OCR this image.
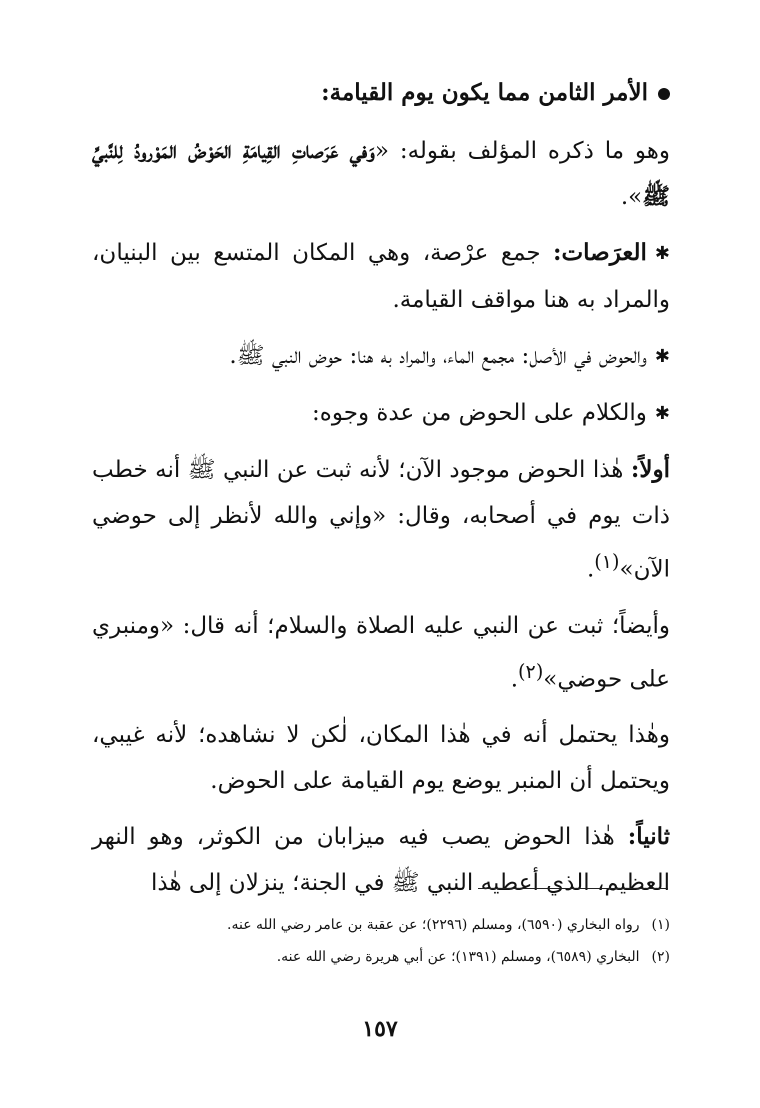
الأمر الثامن مما يكون يوم القيامة:

وهو ما ذكره المؤلف بقوله: «وَفي عَرَصاتِ القِيامَةِ الحَوْضُ المَوْرودُ لِلنَّبيِّ ﷺ».

✱العرَصات: جمع عرْصة، وهي المكان المتسع بين البنيان، والمراد به هنا مواقف القيامة.

✱والحوض في الأصل: مجمع الماء، والمراد به هنا: حوض النبي ﷺ.

✱والكلام على الحوض من عدة وجوه:

أولاً: هٰذا الحوض موجود الآن؛ لأنه ثبت عن النبي ﷺ أنه خطب ذات يوم في أصحابه، وقال: «وإني والله لأنظر إلى حوضي الآن»$^{(١)}$.

وأيضاً؛ ثبت عن النبي عليه الصلاة والسلام؛ أنه قال: «ومنبري على حوضي»$^{(٢)}$.

وهٰذا يحتمل أنه في هٰذا المكان، لٰكن لا نشاهده؛ لأنه غيبي، ويحتمل أن المنبر يوضع يوم القيامة على الحوض.

ثانياً: هٰذا الحوض يصب فيه ميزابان من الكوثر، وهو النهر العظيم، الذي أعطيه النبي ﷺ في الجنة؛ ينزلان إلى هٰذا

(١)رواه البخاري (٦٥٩٠)، ومسلم (٢٢٩٦)؛ عن عقبة بن عامر رضي الله عنه.

(٢)البخاري (٦٥٨٩)، ومسلم (١٣٩١)؛ عن أبي هريرة رضي الله عنه.

١٥٧
